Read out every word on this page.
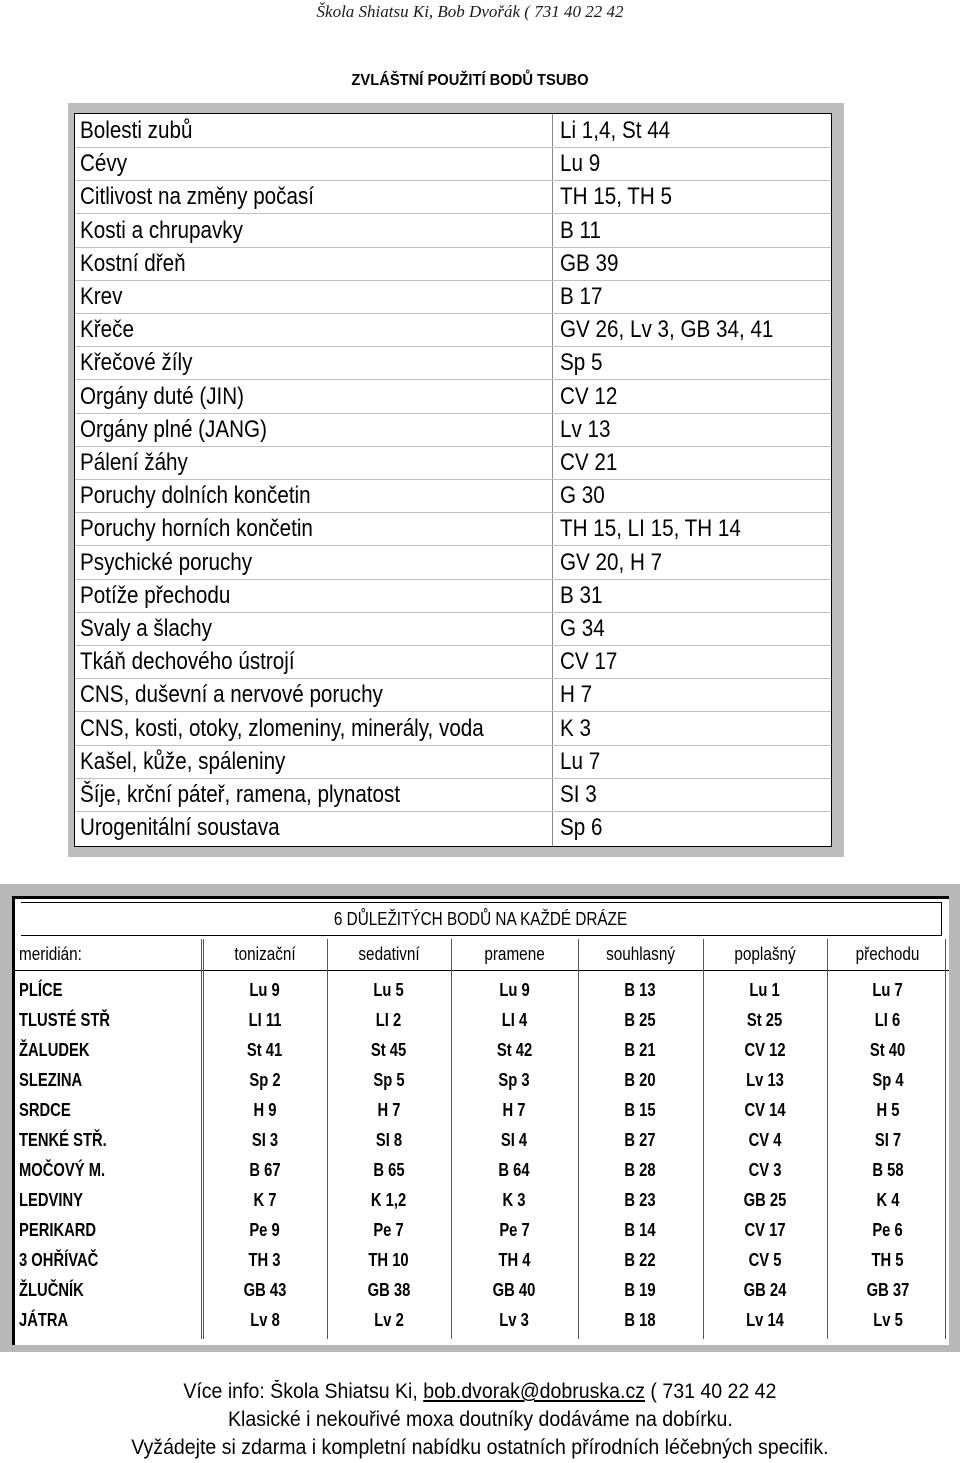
Škola Shiatsu Ki, Bob Dvořák ( 731 40 22 42
ZVLÁŠTNÍ POUŽITÍ BODŮ TSUBO
Bolesti zubů	Li 1,4, St 44
Cévy	Lu 9
Citlivost na změny počasí	TH 15, TH 5
Kosti a chrupavky	B 11
Kostní dřeň	GB 39
Krev	B 17
Křeče	GV 26, Lv 3, GB 34, 41
Křečové žíly	Sp 5
Orgány duté (JIN)	CV 12
Orgány plné (JANG)	Lv 13
Pálení žáhy	CV 21
Poruchy dolních končetin	G 30
Poruchy horních končetin	TH 15, LI 15, TH 14
Psychické poruchy	GV 20, H 7
Potíže přechodu	B 31
Svaly a šlachy	G 34
Tkáň dechového ústrojí	CV 17
CNS, duševní a nervové poruchy	H 7
CNS, kosti, otoky, zlomeniny, minerály, voda	K 3
Kašel, kůže, spáleniny	Lu 7
Šíje, krční páteř, ramena, plynatost	SI 3
Urogenitální soustava	Sp 6
6 DŮLEŽITÝCH BODŮ NA KAŽDÉ DRÁZE
meridián:	tonizační	sedativní	pramene	souhlasný	poplašný	přechodu
PLÍCE	Lu 9	Lu 5	Lu 9	B 13	Lu 1	Lu 7
TLUSTÉ STŘ	LI 11	LI 2	LI 4	B 25	St 25	LI 6
ŽALUDEK	St 41	St 45	St 42	B 21	CV 12	St 40
SLEZINA	Sp 2	Sp 5	Sp 3	B 20	Lv 13	Sp 4
SRDCE	H 9	H 7	H 7	B 15	CV 14	H 5
TENKÉ STŘ.	SI 3	SI 8	SI 4	B 27	CV 4	SI 7
MOČOVÝ M.	B 67	B 65	B 64	B 28	CV 3	B 58
LEDVINY	K 7	K 1,2	K 3	B 23	GB 25	K 4
PERIKARD	Pe 9	Pe 7	Pe 7	B 14	CV 17	Pe 6
3 OHŘÍVAČ	TH 3	TH 10	TH 4	B 22	CV 5	TH 5
ŽLUČNÍK	GB 43	GB 38	GB 40	B 19	GB 24	GB 37
JÁTRA	Lv 8	Lv 2	Lv 3	B 18	Lv 14	Lv 5
Více info: Škola Shiatsu Ki, bob.dvorak@dobruska.cz ( 731 40 22 42
Klasické i nekouřivé moxa doutníky dodáváme na dobírku.
Vyžádejte si zdarma i kompletní nabídku ostatních přírodních léčebných specifik.
